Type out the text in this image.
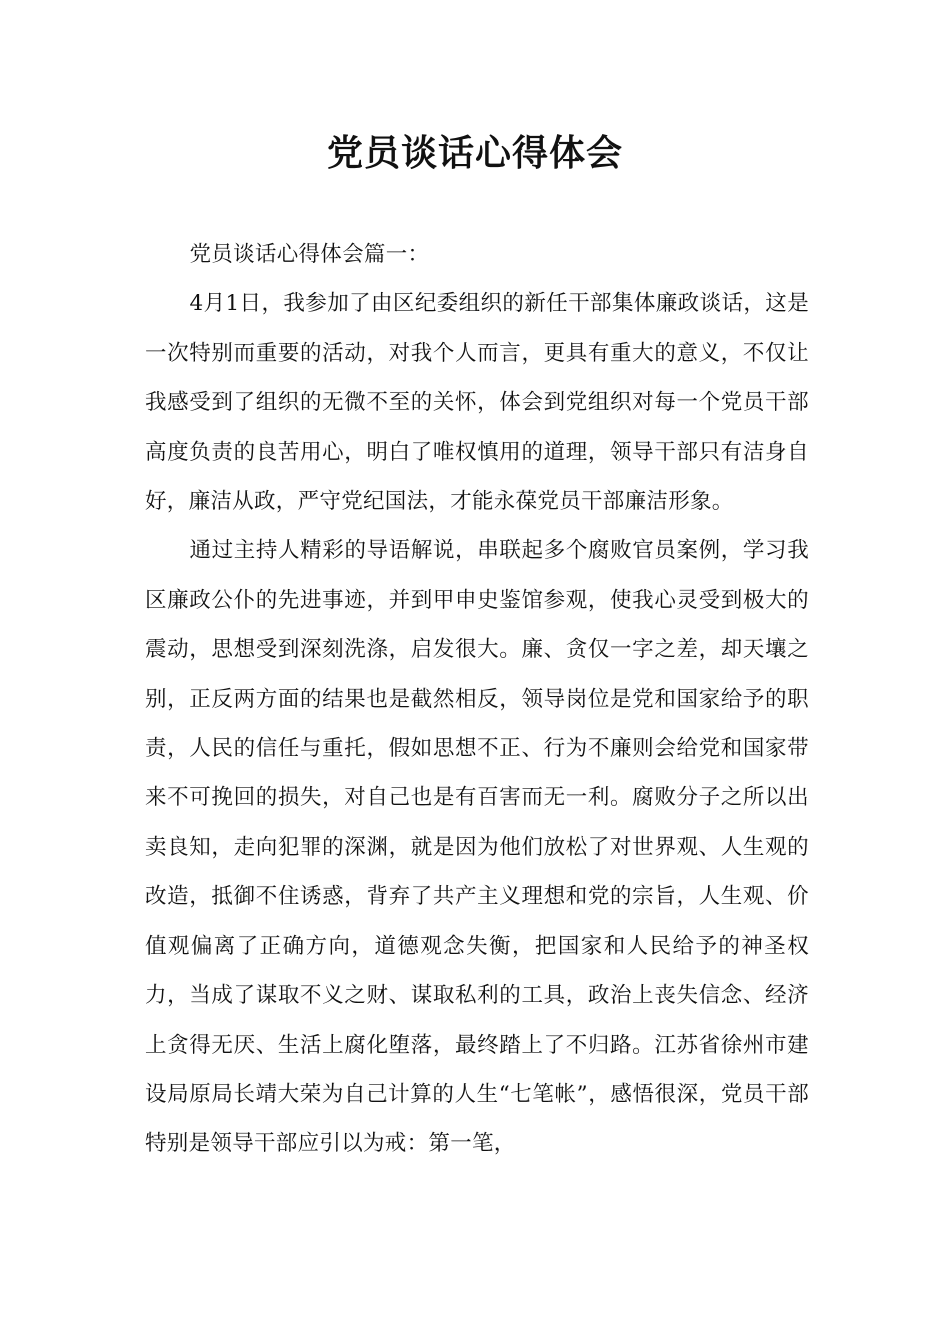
党员谈话心得体会

党员谈话心得体会篇一：

4月1日，我参加了由区纪委组织的新任干部集体廉政谈话，这是一次特别而重要的活动，对我个人而言，更具有重大的意义，不仅让我感受到了组织的无微不至的关怀，体会到党组织对每一个党员干部高度负责的良苦用心，明白了唯权慎用的道理，领导干部只有洁身自好，廉洁从政，严守党纪国法，才能永葆党员干部廉洁形象。

通过主持人精彩的导语解说，串联起多个腐败官员案例，学习我区廉政公仆的先进事迹，并到甲申史鉴馆参观，使我心灵受到极大的震动，思想受到深刻洗涤，启发很大。廉、贪仅一字之差，却天壤之别，正反两方面的结果也是截然相反，领导岗位是党和国家给予的职责，人民的信任与重托，假如思想不正、行为不廉则会给党和国家带来不可挽回的损失，对自己也是有百害而无一利。腐败分子之所以出卖良知，走向犯罪的深渊，就是因为他们放松了对世界观、人生观的改造，抵御不住诱惑，背弃了共产主义理想和党的宗旨，人生观、价值观偏离了正确方向，道德观念失衡，把国家和人民给予的神圣权力，当成了谋取不义之财、谋取私利的工具，政治上丧失信念、经济上贪得无厌、生活上腐化堕落，最终踏上了不归路。江苏省徐州市建设局原局长靖大荣为自己计算的人生“七笔帐”，感悟很深，党员干部特别是领导干部应引以为戒：第一笔，
